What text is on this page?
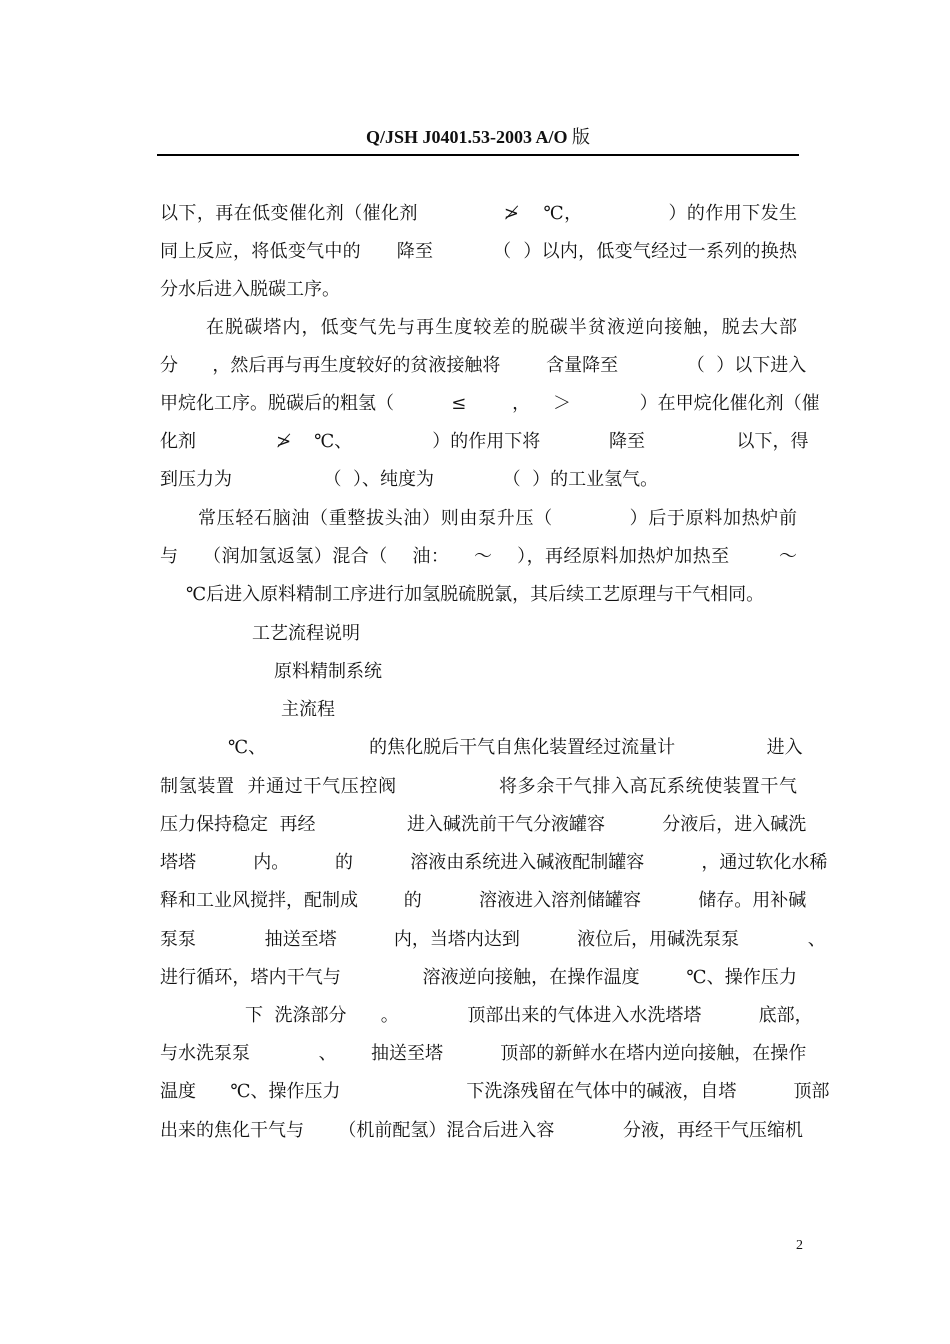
Q/JSH J0401.53-2003 A/O 版
以下，再在低变催化剂（催化剂              ≯    ℃，              ）的作用下发生
同上反应，将低变气中的      降至          （  ）以内，低变气经过一系列的换热
分水后进入脱碳工序。
在脱碳塔内，低变气先与再生度较差的脱碳半贫液逆向接触，脱去大部
分      ，然后再与再生度较好的贫液接触将        含量降至            （  ）以下进入
甲烷化工序。脱碳后的粗氢（          ≤        ，    ＞            ）在甲烷化催化剂（催
化剂              ≯    ℃、              ）的作用下将            降至                以下，得
到压力为                （  ）、纯度为            （  ）的工业氢气。
常压轻石脑油（重整拔头油）则由泵升压（            ）后于原料加热炉前
与    （润加氢返氢）混合（    油：    ～    ），再经原料加热炉加热至        ～
℃后进入原料精制工序进行加氢脱硫脱氯，其后续工艺原理与干气相同。
工艺流程说明
原料精制系统
主流程
℃、                  的焦化脱后干气自焦化装置经过流量计                进入
制氢装置  并通过干气压控阀                将多余干气排入高瓦系统使装置干气
压力保持稳定  再经                进入碱洗前干气分液罐容          分液后，进入碱洗
塔塔          内。        的          溶液由系统进入碱液配制罐容          ，通过软化水稀
释和工业风搅拌，配制成        的          溶液进入溶剂储罐容          储存。用补碱
泵泵            抽送至塔          内，当塔内达到          液位后，用碱洗泵泵            、
进行循环，塔内干气与              溶液逆向接触，在操作温度        ℃、操作压力
下  洗涤部分      。            顶部出来的气体进入水洗塔塔          底部，
与水洗泵泵            、      抽送至塔          顶部的新鲜水在塔内逆向接触，在操作
温度      ℃、操作压力                      下洗涤残留在气体中的碱液，自塔          顶部
出来的焦化干气与      （机前配氢）混合后进入容            分液，再经干气压缩机
2
